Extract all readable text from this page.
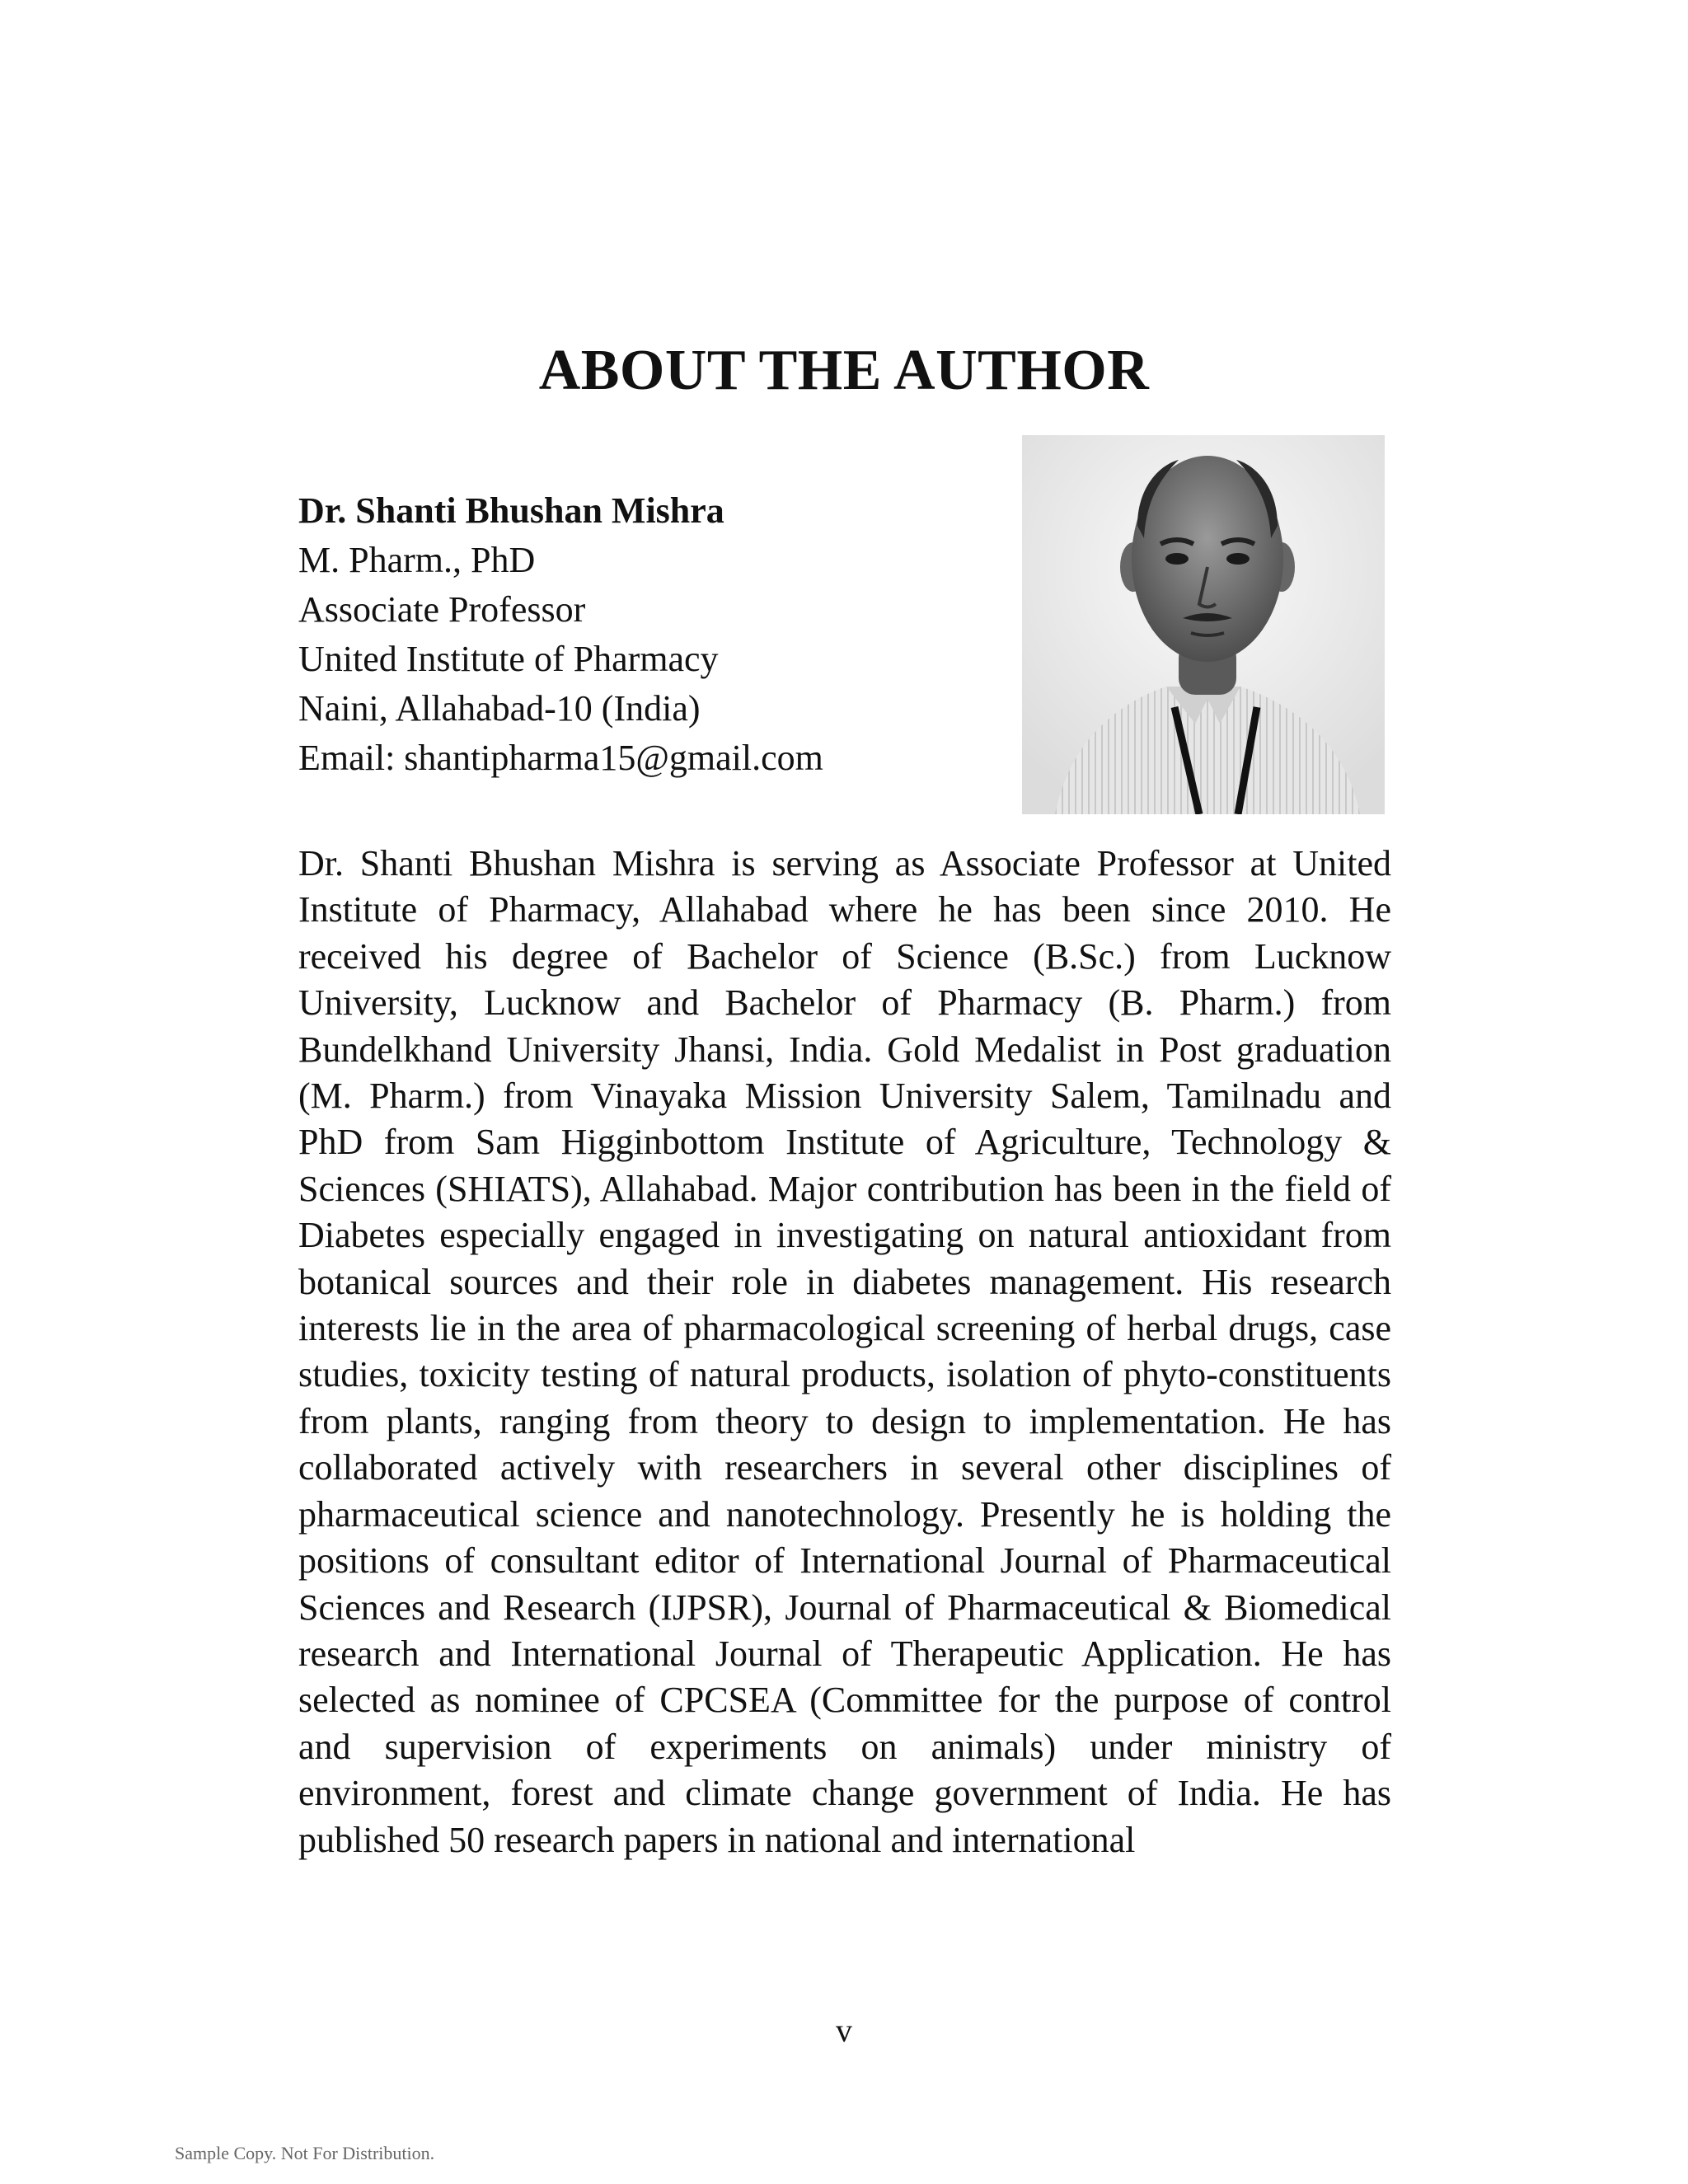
ABOUT THE AUTHOR
Dr. Shanti Bhushan Mishra
M. Pharm., PhD
Associate Professor
United Institute of Pharmacy
Naini, Allahabad-10 (India)
Email: shantipharma15@gmail.com

Dr. Shanti Bhushan Mishra is serving as Associate Professor at United Institute of Pharmacy, Allahabad where he has been since 2010. He received his degree of Bachelor of Science (B.Sc.) from Lucknow University, Lucknow and Bachelor of Pharmacy (B. Pharm.) from Bundelkhand University Jhansi, India. Gold Medalist in Post graduation (M. Pharm.) from Vinayaka Mission University Salem, Tamilnadu and PhD from Sam Higginbottom Institute of Agriculture, Technology & Sciences (SHIATS), Allahabad. Major contribution has been in the field of Diabetes especially engaged in investigating on natural antioxidant from botanical sources and their role in diabetes management. His research interests lie in the area of pharmacological screening of herbal drugs, case studies, toxicity testing of natural products, isolation of phyto-constituents from plants, ranging from theory to design to implementation. He has collaborated actively with researchers in several other disciplines of pharmaceutical science and nanotechnology. Presently he is holding the positions of consultant editor of International Journal of Pharmaceutical Sciences and Research (IJPSR), Journal of Pharmaceutical & Biomedical research and International Journal of Therapeutic Application. He has selected as nominee of CPCSEA (Committee for the purpose of control and supervision of experiments on animals) under ministry of environment, forest and climate change government of India. He has published 50 research papers in national and international

v
Sample Copy. Not For Distribution.
